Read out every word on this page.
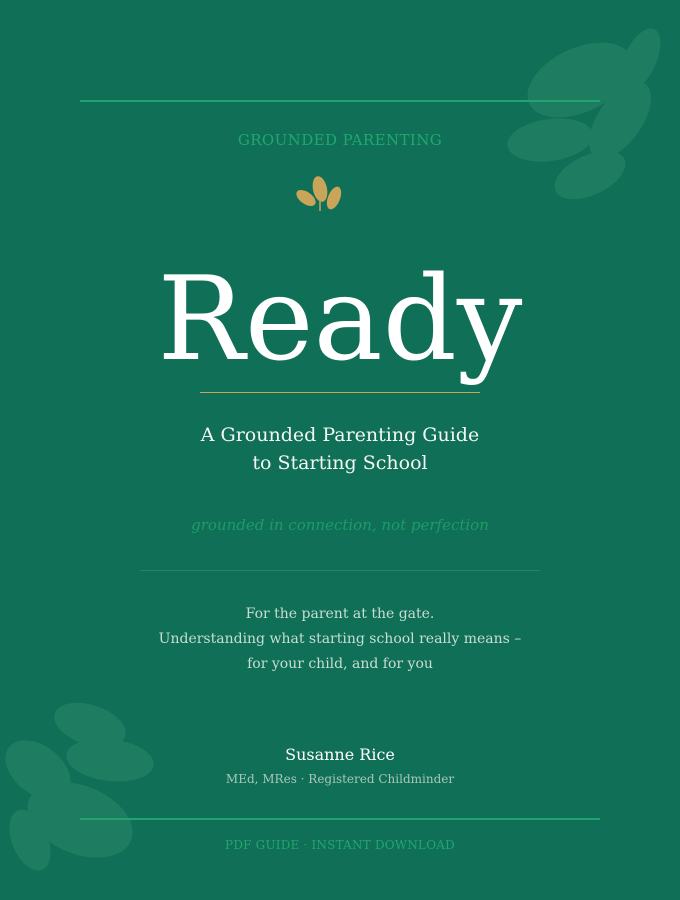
GROUNDED PARENTING
Ready
A Grounded Parenting Guide
to Starting School
grounded in connection, not perfection
For the parent at the gate.
Understanding what starting school really means –
for your child, and for you
Susanne Rice
MEd, MRes · Registered Childminder
PDF GUIDE · INSTANT DOWNLOAD
